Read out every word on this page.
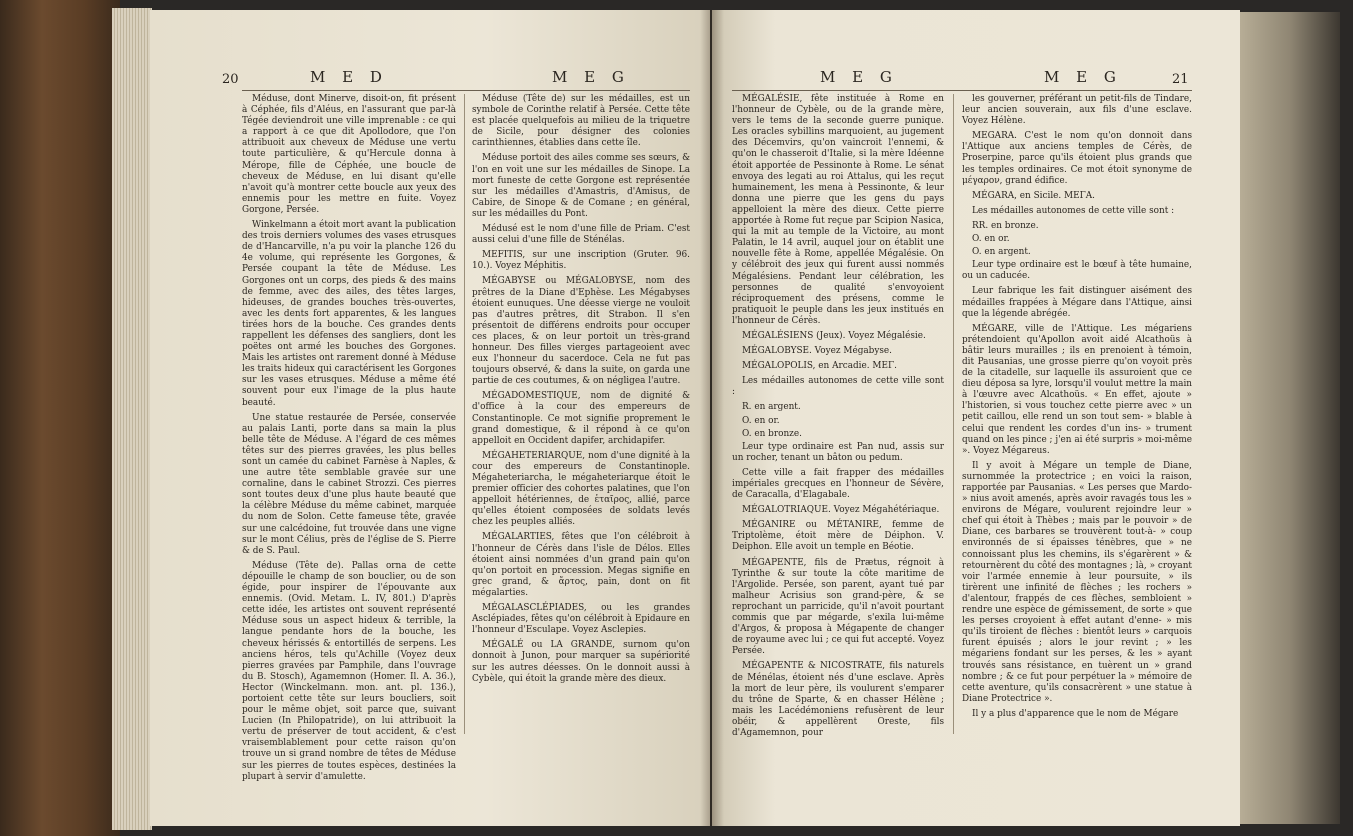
20	M E D	M E G

Méduse, dont Minerve, disoit-on, fit présent à Céphée, fils d'Aléus, en l'assurant que par-là Tégée deviendroit une ville imprenable : ce qui a rapport à ce que dit Apollodore, que l'on attribuoit aux cheveux de Méduse une vertu toute particulière, & qu'Hercule donna à Mérope, fille de Céphée, une boucle de cheveux de Méduse, en lui disant qu'elle n'avoit qu'à montrer cette boucle aux yeux des ennemis pour les mettre en fuite. Voyez Gorgone, Persée.

Winkelmann a étoit mort avant la publication des trois derniers volumes des vases etrusques de d'Hancarville, n'a pu voir la planche 126 du 4e volume, qui représente les Gorgones, & Persée coupant la tête de Méduse. Les Gorgones ont un corps, des pieds & des mains de femme, avec des ailes, des têtes larges, hideuses, de grandes bouches très-ouvertes, avec les dents fort apparentes, & les langues tirées hors de la bouche. Ces grandes dents rappellent les défenses des sangliers, dont les poëtes ont armé les bouches des Gorgones. Mais les artistes ont rarement donné à Méduse les traits hideux qui caractérisent les Gorgones sur les vases etrusques. Méduse a même été souvent pour eux l'image de la plus haute beauté.

Une statue restaurée de Persée, conservée au palais Lanti, porte dans sa main la plus belle tête de Méduse. A l'égard de ces mêmes têtes sur des pierres gravées, les plus belles sont un camée du cabinet Farnèse à Naples, & une autre tête semblable gravée sur une cornaline, dans le cabinet Strozzi. Ces pierres sont toutes deux d'une plus haute beauté que la célèbre Méduse du même cabinet, marquée du nom de Solon. Cette fameuse tête, gravée sur une calcédoine, fut trouvée dans une vigne sur le mont Célius, près de l'église de S. Pierre & de S. Paul.

Méduse (Tête de). Pallas orna de cette dépouille le champ de son bouclier, ou de son égide, pour inspirer de l'épouvante aux ennemis. (Ovid. Metam. L. IV, 801.) D'après cette idée, les artistes ont souvent représenté Méduse sous un aspect hideux & terrible, la langue pendante hors de la bouche, les cheveux hérissés & entortillés de serpens. Les anciens héros, tels qu'Achille (Voyez deux pierres gravées par Pamphile, dans l'ouvrage du B. Stosch), Agamemnon (Homer. Il. A. 36.), Hector (Winckelmann. mon. ant. pl. 136.), portoient cette tête sur leurs boucliers, soit pour le même objet, soit parce que, suivant Lucien (In Philopatride), on lui attribuoit la vertu de préserver de tout accident, & c'est vraisemblablement pour cette raison qu'on trouve un si grand nombre de têtes de Méduse sur les pierres de toutes espèces, destinées la plupart à servir d'amulette.

Méduse (Tête de) sur les médailles, est un symbole de Corinthe relatif à Persée. Cette tête est placée quelquefois au milieu de la triquetre de Sicile, pour désigner des colonies carinthiennes, établies dans cette île.

Méduse portoit des ailes comme ses sœurs, & l'on en voit une sur les médailles de Sinope. La mort funeste de cette Gorgone est représentée sur les médailles d'Amastris, d'Amisus, de Cabire, de Sinope & de Comane ; en général, sur les médailles du Pont.

Médusé est le nom d'une fille de Priam. C'est aussi celui d'une fille de Sténélas.

MEFITIS, sur une inscription (Gruter. 96. 10.). Voyez Méphitis.

MÉGABYSE ou MÉGALOBYSE, nom des prêtres de la Diane d'Ephèse. Les Mégabyses étoient eunuques. Une déesse vierge ne vouloit pas d'autres prêtres, dit Strabon. Il s'en présentoit de différens endroits pour occuper ces places, & on leur portoit un très-grand honneur. Des filles vierges partageoient avec eux l'honneur du sacerdoce. Cela ne fut pas toujours observé, & dans la suite, on garda une partie de ces coutumes, & on négligea l'autre.

MÉGADOMESTIQUE, nom de dignité & d'office à la cour des empereurs de Constantinople. Ce mot signifie proprement le grand domestique, & il répond à ce qu'on appelloit en Occident dapifer, archidapifer.

MÉGAHETERIARQUE, nom d'une dignité à la cour des empereurs de Constantinople. Mégaheteriarcha, le mégaheteriarque étoit le premier officier des cohortes palatines, que l'on appelloit hétériennes, de ἑταῖρος, allié, parce qu'elles étoient composées de soldats levés chez les peuples alliés.

MÉGALARTIES, fêtes que l'on célébroit à l'honneur de Cérès dans l'isle de Délos. Elles étoient ainsi nommées d'un grand pain qu'on qu'on portoit en procession. Megas signifie en grec grand, & ἄρτος, pain, dont on fit mégalarties.

MÉGALASCLÉPIADES, ou les grandes Asclépiades, fêtes qu'on célébroit à Epidaure en l'honneur d'Esculape. Voyez Asclepies.

MÉGALÉ ou LA GRANDE, surnom qu'on donnoit à Junon, pour marquer sa supériorité sur les autres déesses. On le donnoit aussi à Cybèle, qui étoit la grande mère des dieux.

M E G	M E G	21

MÉGALÉSIE, fête instituée à Rome en l'honneur de Cybèle, ou de la grande mère, vers le tems de la seconde guerre punique. Les oracles sybillins marquoient, au jugement des Décemvirs, qu'on vaincroit l'ennemi, & qu'on le chasseroit d'Italie, si la mère Idéenne étoit apportée de Pessinonte à Rome. Le sénat envoya des legati au roi Attalus, qui les reçut humainement, les mena à Pessinonte, & leur donna une pierre que les gens du pays appelloient la mère des dieux. Cette pierre apportée à Rome fut reçue par Scipion Nasica, qui la mit au temple de la Victoire, au mont Palatin, le 14 avril, auquel jour on établit une nouvelle fête à Rome, appellée Mégalésie. On y célébroit des jeux qui furent aussi nommés Mégalésiens. Pendant leur célébration, les personnes de qualité s'envoyoient réciproquement des présens, comme le pratiquoit le peuple dans les jeux institués en l'honneur de Cérès.

MÉGALÉSIENS (Jeux). Voyez Mégalésie.

MÉGALOBYSE. Voyez Mégabyse.

MÉGALOPOLIS, en Arcadie. ΜΕΓ.

Les médailles autonomes de cette ville sont :

R. en argent.

O. en or.

O. en bronze.

Leur type ordinaire est Pan nud, assis sur un rocher, tenant un bâton ou pedum.

Cette ville a fait frapper des médailles impériales grecques en l'honneur de Sévère, de Caracalla, d'Elagabale.

MÉGALOTRIAQUE. Voyez Mégahétériaque.

MÉGANIRE ou MÉTANIRE, femme de Triptolème, étoit mère de Déiphon. V. Deiphon. Elle avoit un temple en Béotie.

MÉGAPENTE, fils de Prætus, régnoit à Tyrinthe & sur toute la côte maritime de l'Argolide. Persée, son parent, ayant tué par malheur Acrisius son grand-père, & se reprochant un parricide, qu'il n'avoit pourtant commis que par mégarde, s'exila lui-même d'Argos, & proposa à Mégapente de changer de royaume avec lui ; ce qui fut accepté. Voyez Persée.

MÉGAPENTE & NICOSTRATE, fils naturels de Ménélas, étoient nés d'une esclave. Après la mort de leur père, ils voulurent s'emparer du trône de Sparte, & en chasser Hélène ; mais les Lacédémoniens refusèrent de leur obéir, & appellèrent Oreste, fils d'Agamemnon, pour

les gouverner, préférant un petit-fils de Tindare, leur ancien souverain, aux fils d'une esclave. Voyez Hélène.

MEGARA. C'est le nom qu'on donnoit dans l'Attique aux anciens temples de Cérès, de Proserpine, parce qu'ils étoient plus grands que les temples ordinaires. Ce mot étoit synonyme de μέγαρον, grand édifice.

MÉGARA, en Sicile. ΜΕΓΑ.

Les médailles autonomes de cette ville sont :

RR. en bronze.

O. en or.

O. en argent.

Leur type ordinaire est le bœuf à tête humaine, ou un caducée.

Leur fabrique les fait distinguer aisément des médailles frappées à Mégare dans l'Attique, ainsi que la légende abrégée.

MÉGARE, ville de l'Attique. Les mégariens prétendoient qu'Apollon avoit aidé Alcathoüs à bâtir leurs murailles ; ils en prenoient à témoin, dit Pausanias, une grosse pierre qu'on voyoit près de la citadelle, sur laquelle ils assuroient que ce dieu déposa sa lyre, lorsqu'il voulut mettre la main à l'œuvre avec Alcathoüs. « En effet, ajoute » l'historien, si vous touchez cette pierre avec » un petit caillou, elle rend un son tout sem- » blable à celui que rendent les cordes d'un ins- » trument quand on les pince ; j'en ai été surpris » moi-même ». Voyez Mégareus.

Il y avoit à Mégare un temple de Diane, surnommée la protectrice ; en voici la raison, rapportée par Pausanias. « Les perses que Mardo- » nius avoit amenés, après avoir ravagés tous les » environs de Mégare, voulurent rejoindre leur » chef qui étoit à Thèbes ; mais par le pouvoir » de Diane, ces barbares se trouvèrent tout-à- » coup environnés de si épaisses ténèbres, que » ne connoissant plus les chemins, ils s'égarèrent » & retournèrent du côté des montagnes ; là, » croyant voir l'armée ennemie à leur poursuite, » ils tirèrent une infinité de flèches ; les rochers » d'alentour, frappés de ces flèches, sembloient » rendre une espèce de gémissement, de sorte » que les perses croyoient à effet autant d'enne- » mis qu'ils tiroient de flèches : bientôt leurs » carquois furent épuisés ; alors le jour revint ; » les mégariens fondant sur les perses, & les » ayant trouvés sans résistance, en tuèrent un » grand nombre ; & ce fut pour perpétuer la » mémoire de cette aventure, qu'ils consacrèrent » une statue à Diane Protectrice ».

Il y a plus d'apparence que le nom de Mégare
